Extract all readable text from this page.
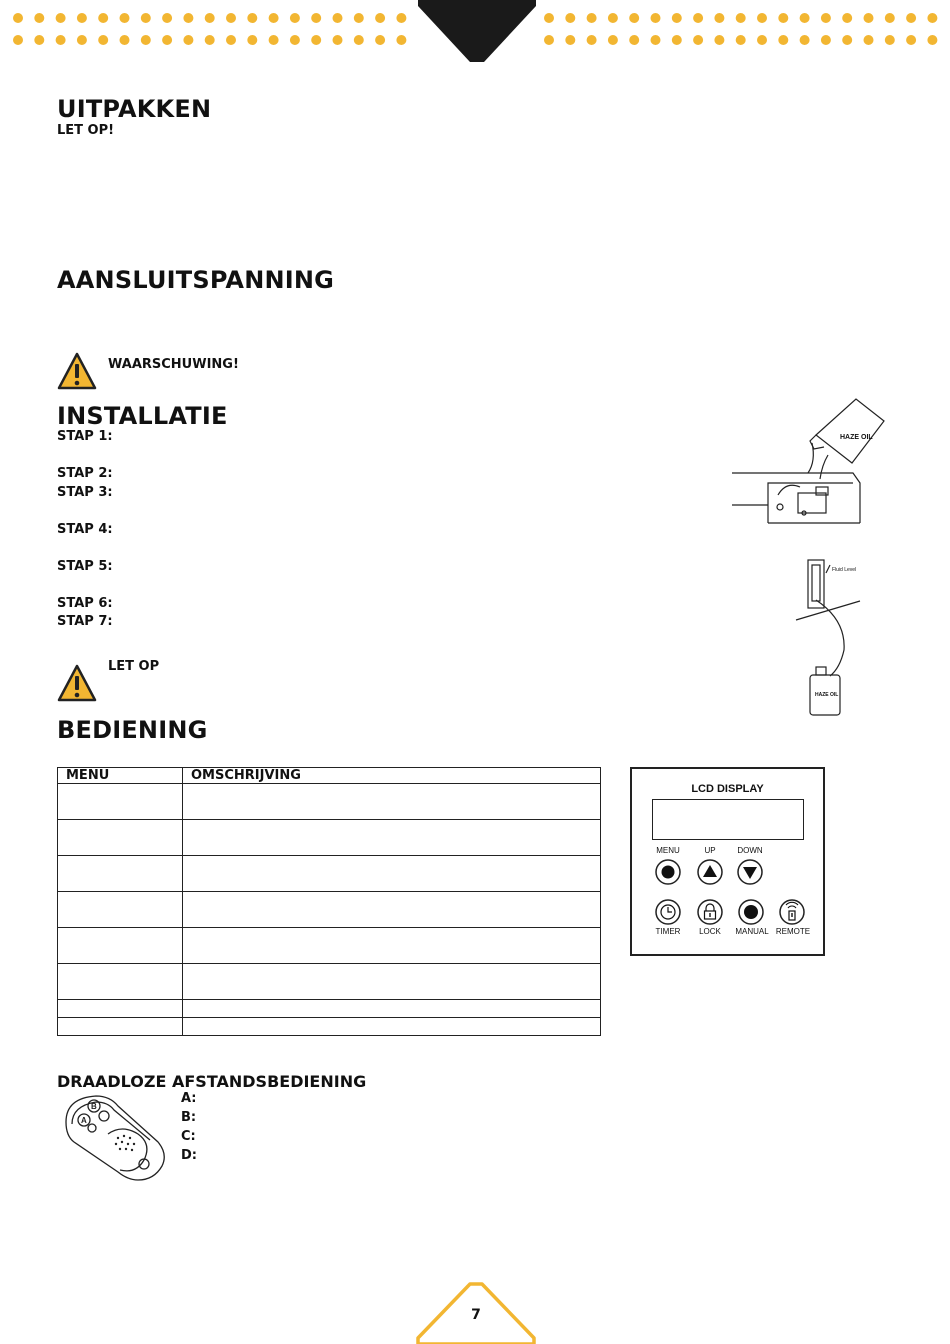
UITPAKKEN
LET OP!
AANSLUITSPANNING
WAARSCHUWING!
INSTALLATIE
STAP 1:
STAP 2:
STAP 3:
STAP 4:
STAP 5:
STAP 6:
STAP 7:
LET OP
HAZE OIL
Fluid Level
HAZE OIL
BEDIENING
MENU	OMSCHRIJVING

LCD DISPLAY
MENU	UP	DOWN
TIMER	LOCK	MANUAL REMOTE
DRAADLOZE AFSTANDSBEDIENING
B
A
A:
B:
C:
D:
7
